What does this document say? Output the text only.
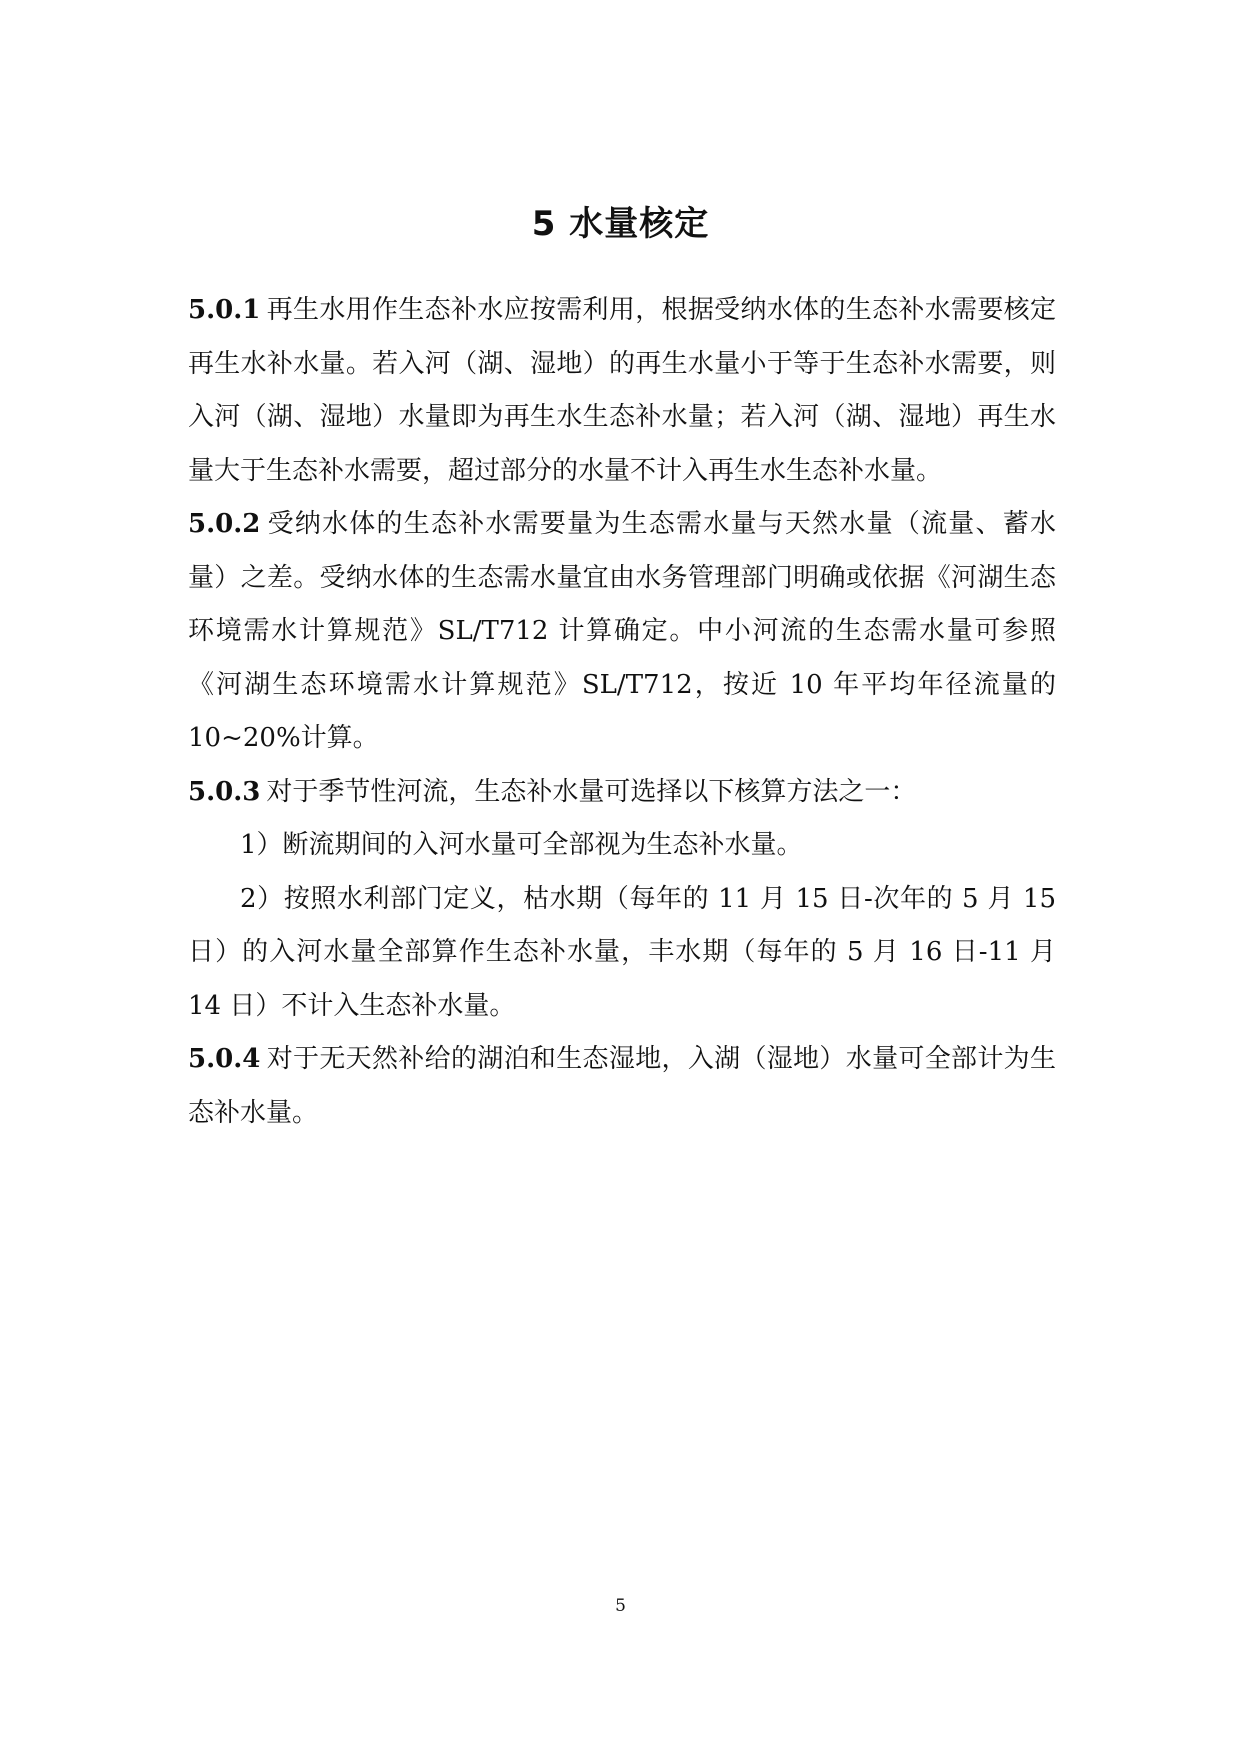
5 水量核定

5.0.1 再生水用作生态补水应按需利用，根据受纳水体的生态补水需要核定再生水补水量。若入河（湖、湿地）的再生水量小于等于生态补水需要，则入河（湖、湿地）水量即为再生水生态补水量；若入河（湖、湿地）再生水量大于生态补水需要，超过部分的水量不计入再生水生态补水量。

5.0.2 受纳水体的生态补水需要量为生态需水量与天然水量（流量、蓄水量）之差。受纳水体的生态需水量宜由水务管理部门明确或依据《河湖生态环境需水计算规范》SL/T712 计算确定。中小河流的生态需水量可参照《河湖生态环境需水计算规范》SL/T712，按近 10 年平均年径流量的 10~20%计算。

5.0.3 对于季节性河流，生态补水量可选择以下核算方法之一：

1）断流期间的入河水量可全部视为生态补水量。

2）按照水利部门定义，枯水期（每年的 11 月 15 日-次年的 5 月 15 日）的入河水量全部算作生态补水量，丰水期（每年的 5 月 16 日-11 月 14 日）不计入生态补水量。

5.0.4 对于无天然补给的湖泊和生态湿地，入湖（湿地）水量可全部计为生态补水量。

5
